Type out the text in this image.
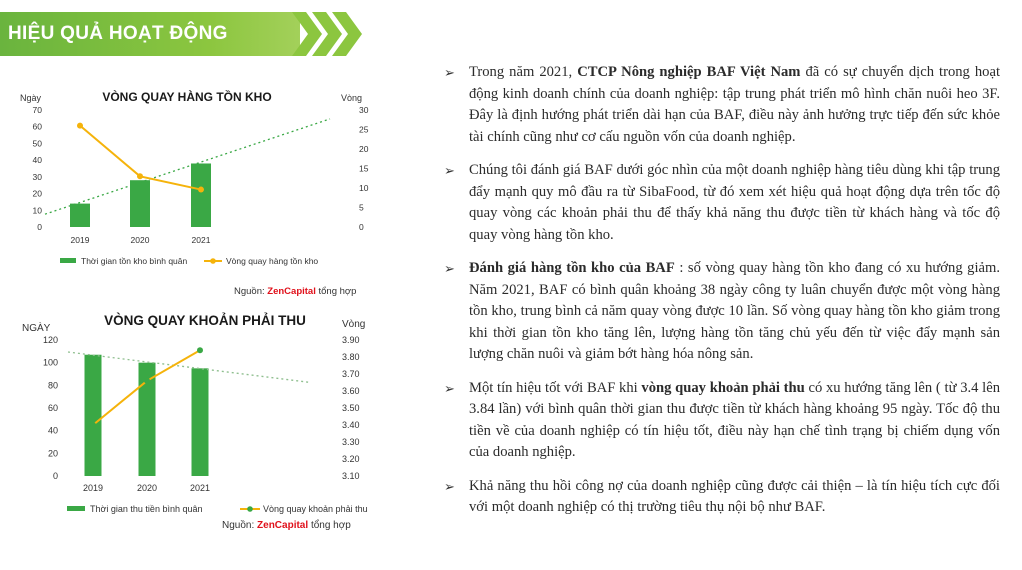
HIỆU QUẢ HOẠT ĐỘNG
VÒNG QUAY HÀNG TỒN KHO
Ngày	Vòng
70
60
50
40
30
20
10
0
30
25
20
15
10
5
0
2019	2020	2021
Thời gian tồn kho bình quân	Vòng quay hàng tồn kho
Nguồn: ZenCapital tổng hợp
VÒNG QUAY KHOẢN PHẢI THU
NGÀY	Vòng
120
100
80
60
40
20
0
3.90
3.80
3.70
3.60
3.50
3.40
3.30
3.20
3.10
2019	2020	2021
Thời gian thu tiền bình quân	Vòng quay khoản phải thu
Nguồn: ZenCapital tổng hợp
➢ Trong năm 2021, CTCP Nông nghiệp BAF Việt Nam đã có sự chuyển dịch trong hoạt động kinh doanh chính của doanh nghiệp: tập trung phát triển mô hình chăn nuôi heo 3F. Đây là định hướng phát triển dài hạn của BAF, điều này ảnh hưởng trực tiếp đến sức khỏe tài chính cũng như cơ cấu nguồn vốn của doanh nghiệp.
➢ Chúng tôi đánh giá BAF dưới góc nhìn của một doanh nghiệp hàng tiêu dùng khi tập trung đẩy mạnh quy mô đầu ra từ SibaFood, từ đó xem xét hiệu quả hoạt động dựa trên tốc độ quay vòng các khoản phải thu để thấy khả năng thu được tiền từ khách hàng và tốc độ quay vòng hàng tồn kho.
➢ Đánh giá hàng tồn kho của BAF : số vòng quay hàng tồn kho đang có xu hướng giảm. Năm 2021, BAF có bình quân khoảng 38 ngày công ty luân chuyển được một vòng hàng tồn kho, trung bình cả năm quay vòng được 10 lần. Số vòng quay hàng tồn kho giảm trong khi thời gian tồn kho tăng lên, lượng hàng tồn tăng chủ yếu đến từ việc đẩy mạnh sản lượng chăn nuôi và giảm bớt hàng hóa nông sản.
➢ Một tín hiệu tốt với BAF khi vòng quay khoản phải thu có xu hướng tăng lên ( từ 3.4 lên 3.84 lần) với bình quân thời gian thu được tiền từ khách hàng khoảng 95 ngày. Tốc độ thu tiền về của doanh nghiệp có tín hiệu tốt, điều này hạn chế tình trạng bị chiếm dụng vốn của doanh nghiệp.
➢ Khả năng thu hồi công nợ của doanh nghiệp cũng được cải thiện – là tín hiệu tích cực đối với một doanh nghiệp có thị trường tiêu thụ nội bộ như BAF.
